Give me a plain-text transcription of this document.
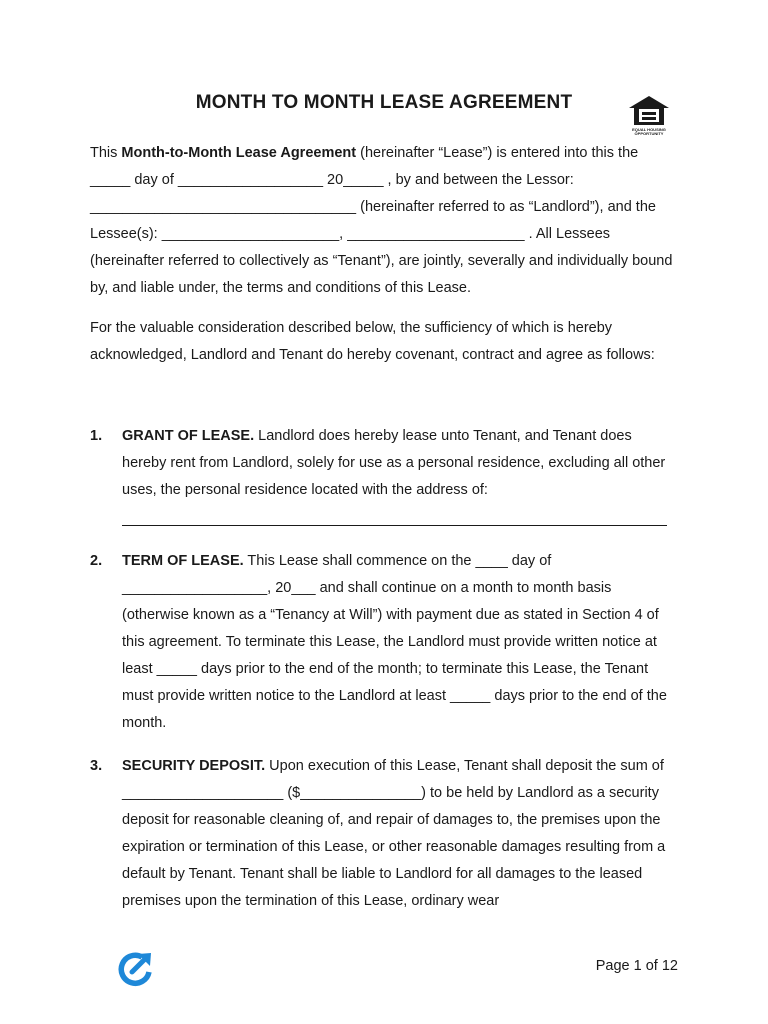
MONTH TO MONTH LEASE AGREEMENT
EQUAL HOUSING
OPPORTUNITY

This Month-to-Month Lease Agreement (hereinafter “Lease”) is entered into this the _____ day of __________________ 20_____ , by and between the Lessor: _________________________________ (hereinafter referred to as “Landlord”), and the Lessee(s): ______________________, ______________________ . All Lessees (hereinafter referred to collectively as “Tenant”), are jointly, severally and individually bound by, and liable under, the terms and conditions of this Lease.

For the valuable consideration described below, the sufficiency of which is hereby acknowledged, Landlord and Tenant do hereby covenant, contract and agree as follows:

1. GRANT OF LEASE. Landlord does hereby lease unto Tenant, and Tenant does hereby rent from Landlord, solely for use as a personal residence, excluding all other uses, the personal residence located with the address of:
2. TERM OF LEASE. This Lease shall commence on the ____ day of __________________, 20___ and shall continue on a month to month basis (otherwise known as a “Tenancy at Will”) with payment due as stated in Section 4 of this agreement. To terminate this Lease, the Landlord must provide written notice at least _____ days prior to the end of the month; to terminate this Lease, the Tenant must provide written notice to the Landlord at least _____ days prior to the end of the month.
3. SECURITY DEPOSIT. Upon execution of this Lease, Tenant shall deposit the sum of ____________________ ($_______________) to be held by Landlord as a security deposit for reasonable cleaning of, and repair of damages to, the premises upon the expiration or termination of this Lease, or other reasonable damages resulting from a default by Tenant. Tenant shall be liable to Landlord for all damages to the leased premises upon the termination of this Lease, ordinary wear
Page 1 of 12
